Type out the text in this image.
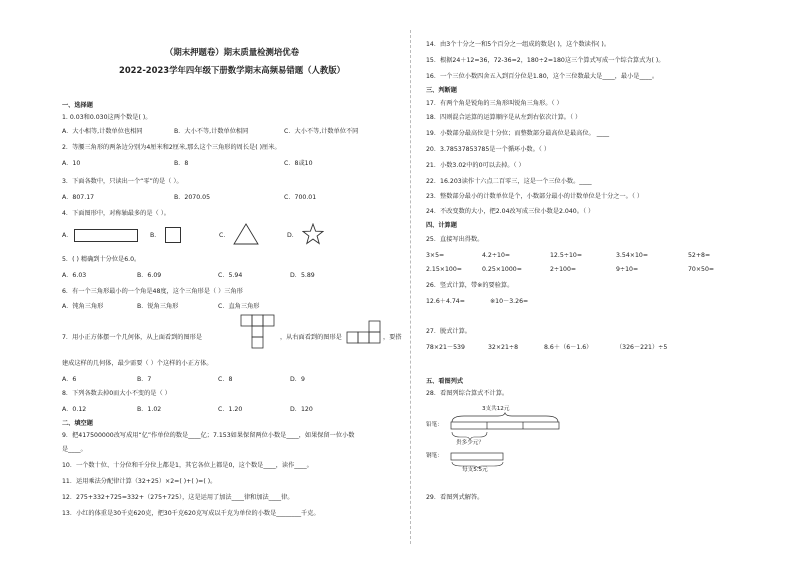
（期末押题卷）期末质量检测培优卷
2022-2023学年四年级下册数学期末高频易错题（人教版）
一、选择题
1. 0.03和0.030这两个数是( )。
A．大小相等,计数单位也相同	B．大小不等,计数单位相同	C．大小不等,计数单位不同
2．等腰三角形的两条边分别为4厘米和2厘米,那么这个三角形的周长是( )厘米。
A．10	B．8	C．8或10
3．下面各数中，只读出一个“零”的是（ ）。
A．807.17	B．2070.05	C．700.01
4．下面图形中，对称轴最多的是（ ）。
A．	B．	C．	D．
5．( ) 精确到十分位是6.0。
A．6.03	B．6.09	C．5.94	D．5.89
6．有一个三角形最小的一个角是48度，这个三角形是（ ）三角形
A．钝角三角形	B．锐角三角形	C．直角三角形
7．用小正方体摆一个几何体，从上面看到的图形是	，从右面看到的图形是	，要搭
建成这样的几何体，最少需要（ ）个这样的小正方体。
A．6	B．7	C．8	D．9
8．下列各数去掉0而大小不变的是（ ）
A．0.12	B．1.02	C．1.20	D．120
二、填空题
9．把417500000改写成用“亿”作单位的数是____亿；7.153如果保留两位小数是____，如果保留一位小数
是____。
10．一个数十位、十分位和千分位上都是1，其它各位上都是0，这个数是____，读作____。
11．运用乘法分配律计算（32+25）×2=( )+( )=( )。
12．275+332+725=332+（275+725），这是运用了加法____律和加法____律。
13．小红的体重是30千克620克，把30千克620克写成以千克为单位的小数是________千克。
14．由3个十分之一和5个百分之一组成的数是( )，这个数读作( )。
15．根据24＋12=36，72-36=2，180÷2=180这三个算式写成一个综合算式为( )。
16．一个三位小数四舍五入到百分位是1.80，这个三位数最大是____，最小是____。
三、判断题
17．有两个角是锐角的三角形叫锐角三角形。（ ）
18．四则混合运算的运算顺序是从左到右依次计算。（ ）
19．小数部分最高位是十分位；而整数部分最高位是最高位。 ____
20．3.78537853785是一个循环小数。（ ）
21．小数3.02中的0可以去掉。（ ）
22．16.203读作十六点二百零三，这是一个三位小数。____
23．整数部分最小的计数单位是个，小数部分最小的计数单位是十分之一。（ ）
24．不改变数的大小，把2.04改写成三位小数是2.040。（ ）
四、计算题
25．直接写出得数。
3×5=	4.2÷10=	12.5÷10=	3.54×10=	52+8=
2.15×100=	0.25×1000=	2÷100=	9÷10=	70×50=
26．竖式计算，带※的要验算。
12.6＋4.74=	※10－3.26=
27．脱式计算。
78×21－539	32×21÷8	8.6＋（6－1.6）	（326－221）÷5
五、看图列式
28．看图列综合算式不计算。
3支共12元
铅笔：
贵多少元？
钢笔：
每支5.5元
29．看图列式解答。
